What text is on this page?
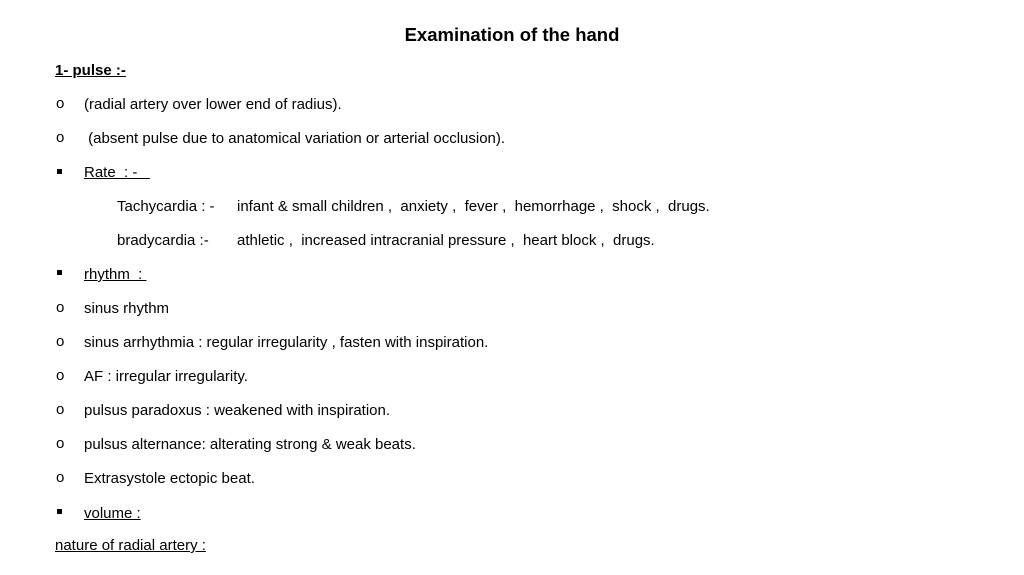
Examination of the hand
1- pulse :-
o (radial artery over lower end of radius).
o (absent pulse due to anatomical variation or arterial occlusion).
Rate  : -
Tachycardia : - infant & small children ,  anxiety ,  fever ,  hemorrhage ,  shock ,  drugs.
bradycardia :- athletic ,  increased intracranial pressure ,  heart block ,  drugs.
rhythm  :
o sinus rhythm
o sinus arrhythmia : regular irregularity , fasten with inspiration.
o AF : irregular irregularity.
o pulsus paradoxus : weakened with inspiration.
o pulsus alternance: alterating strong & weak beats.
o Extrasystole ectopic beat.
volume :
nature of radial artery :
